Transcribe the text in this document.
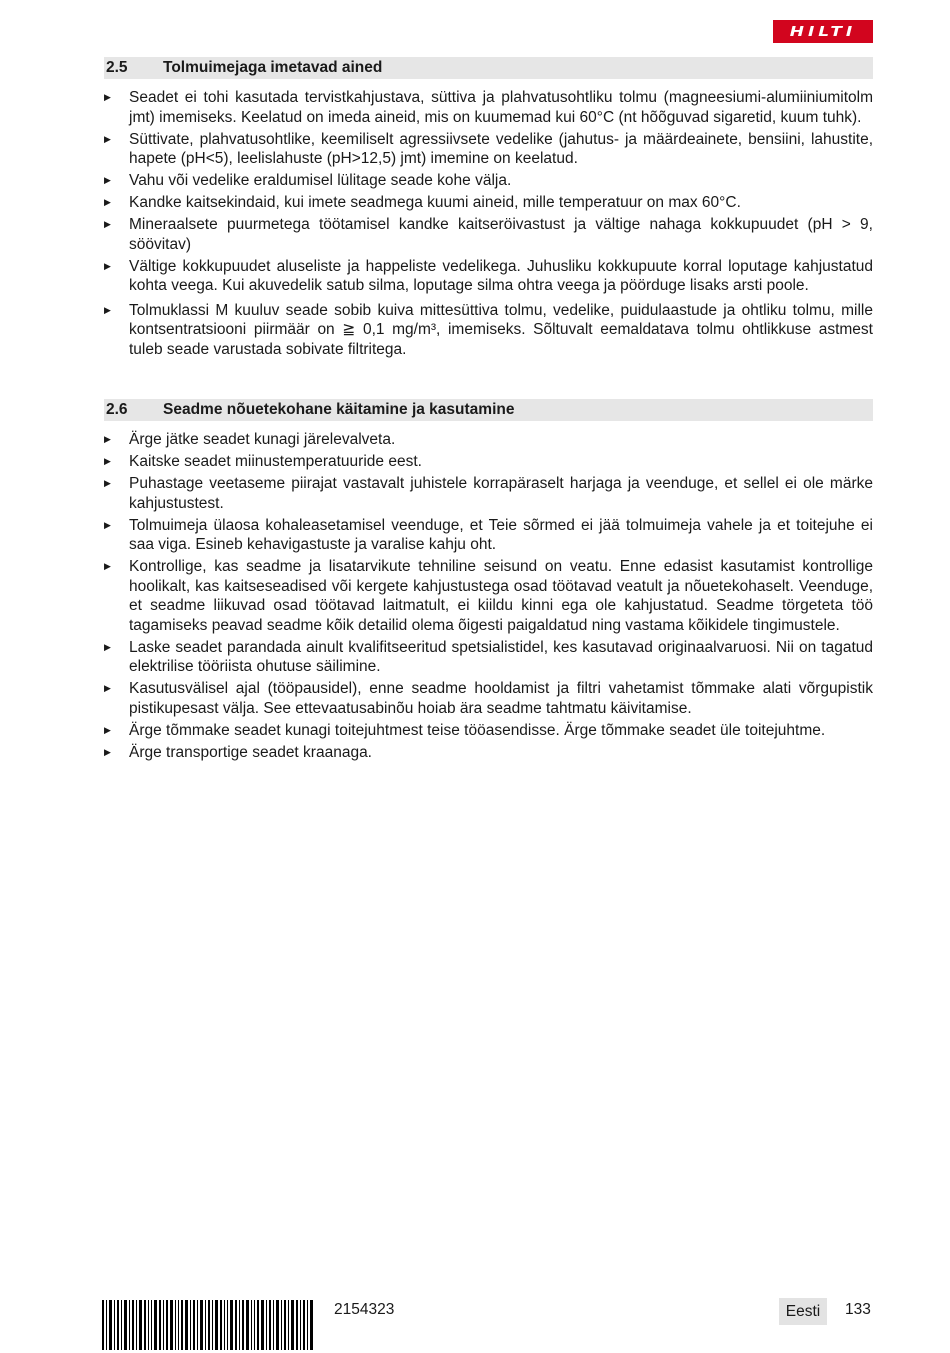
HILTI
2.5	Tolmuimejaga imetavad ained
▶ Seadet ei tohi kasutada tervistkahjustava, süttiva ja plahvatusohtliku tolmu (magneesiumi-alumiiniumitolm jmt) imemiseks. Keelatud on imeda aineid, mis on kuumemad kui 60°C (nt hõõguvad sigaretid, kuum tuhk).
▶ Süttivate, plahvatusohtlike, keemiliselt agressiivsete vedelike (jahutus- ja määrdeainete, bensiini, lahustite, hapete (pH<5), leelislahuste (pH>12,5) jmt) imemine on keelatud.
▶ Vahu või vedelike eraldumisel lülitage seade kohe välja.
▶ Kandke kaitsekindaid, kui imete seadmega kuumi aineid, mille temperatuur on max 60°C.
▶ Mineraalsete puurmetega töötamisel kandke kaitseröivastust ja vältige nahaga kokkupuudet (pH > 9, söövitav)
▶ Vältige kokkupuudet aluseliste ja happeliste vedelikega. Juhusliku kokkupuute korral loputage kahjustatud kohta veega. Kui akuvedelik satub silma, loputage silma ohtra veega ja pöörduge lisaks arsti poole.
▶ Tolmuklassi M kuuluv seade sobib kuiva mittesüttiva tolmu, vedelike, puidulaastude ja ohtliku tolmu, mille kontsentratsiooni piirmäär on ≧ 0,1 mg/m³, imemiseks. Sõltuvalt eemaldatava tolmu ohtlikkuse astmest tuleb seade varustada sobivate filtritega.
2.6	Seadme nõuetekohane käitamine ja kasutamine
▶ Ärge jätke seadet kunagi järelevalveta.
▶ Kaitske seadet miinustemperatuuride eest.
▶ Puhastage veetaseme piirajat vastavalt juhistele korrapäraselt harjaga ja veenduge, et sellel ei ole märke kahjustustest.
▶ Tolmuimeja ülaosa kohaleasetamisel veenduge, et Teie sõrmed ei jää tolmuimeja vahele ja et toitejuhe ei saa viga. Esineb kehavigastuste ja varalise kahju oht.
▶ Kontrollige, kas seadme ja lisatarvikute tehniline seisund on veatu. Enne edasist kasutamist kontrollige hoolikalt, kas kaitseseadised või kergete kahjustustega osad töötavad veatult ja nõuetekohaselt. Veenduge, et seadme liikuvad osad töötavad laitmatult, ei kiildu kinni ega ole kahjustatud. Seadme törgeteta töö tagamiseks peavad seadme kõik detailid olema õigesti paigaldatud ning vastama kõikidele tingimustele.
▶ Laske seadet parandada ainult kvalifitseeritud spetsialistidel, kes kasutavad originaalvaruosi. Nii on tagatud elektrilise tööriista ohutuse säilimine.
▶ Kasutusvälisel ajal (tööpausidel), enne seadme hooldamist ja filtri vahetamist tõmmake alati võrgupistik pistikupesast välja. See ettevaatusabinõu hoiab ära seadme tahtmatu käivitamise.
▶ Ärge tõmmake seadet kunagi toitejuhtmest teise tööasendisse. Ärge tõmmake seadet üle toitejuhtme.
▶ Ärge transportige seadet kraanaga.
2154323	Eesti	133
